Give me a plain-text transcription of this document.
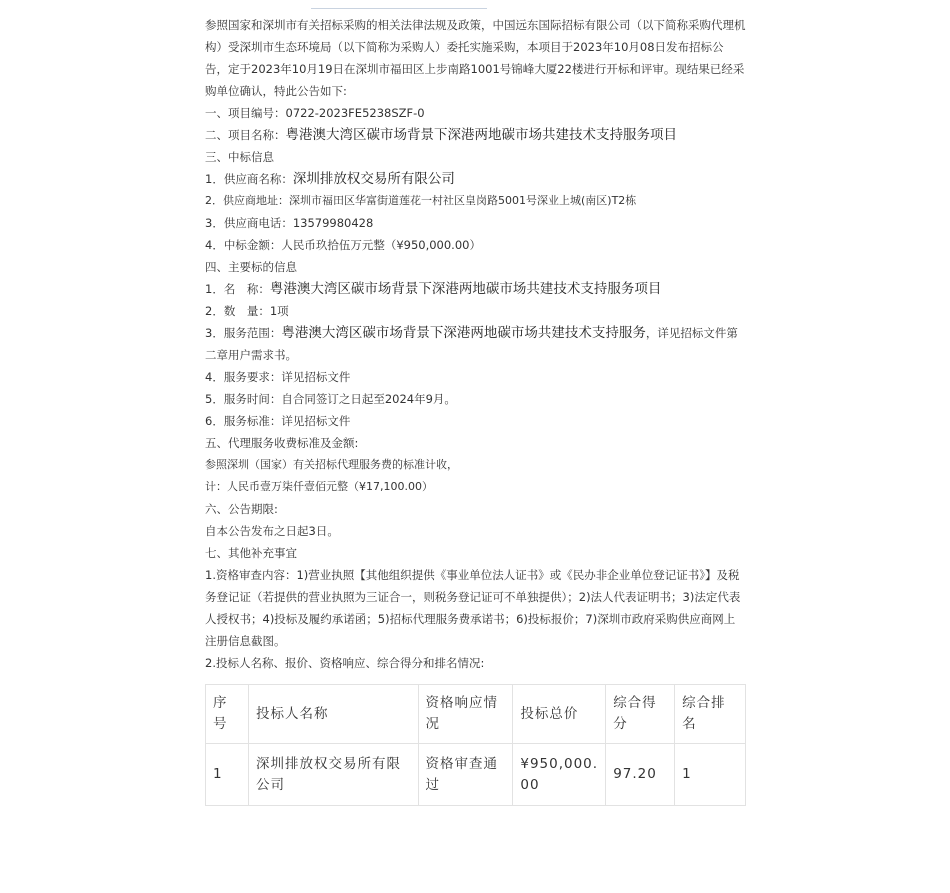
参照国家和深圳市有关招标采购的相关法律法规及政策，中国远东国际招标有限公司（以下简称采购代理机构）受深圳市生态环境局（以下简称为采购人）委托实施采购，本项目于2023年10月08日发布招标公告，定于2023年10月19日在深圳市福田区上步南路1001号锦峰大厦22楼进行开标和评审。现结果已经采购单位确认，特此公告如下:

一、项目编号：0722-2023FE5238SZF-0

二、项目名称：粤港澳大湾区碳市场背景下深港两地碳市场共建技术支持服务项目

三、中标信息

1．供应商名称：深圳排放权交易所有限公司

2．供应商地址：深圳市福田区华富街道莲花一村社区皇岗路5001号深业上城(南区)T2栋

3．供应商电话：13579980428

4．中标金额：人民币玖拾伍万元整（¥950,000.00）

四、主要标的信息

1．名　称：粤港澳大湾区碳市场背景下深港两地碳市场共建技术支持服务项目

2．数　量：1项

3．服务范围：粤港澳大湾区碳市场背景下深港两地碳市场共建技术支持服务，详见招标文件第二章用户需求书。

4．服务要求：详见招标文件

5．服务时间：自合同签订之日起至2024年9月。

6．服务标准：详见招标文件

五、代理服务收费标准及金额:

参照深圳（国家）有关招标代理服务费的标准计收，

计：人民币壹万柒仟壹佰元整（¥17,100.00）

六、公告期限:

自本公告发布之日起3日。

七、其他补充事宜

1.资格审查内容：1)营业执照【其他组织提供《事业单位法人证书》或《民办非企业单位登记证书》】及税务登记证（若提供的营业执照为三证合一，则税务登记证可不单独提供）；2)法人代表证明书；3)法定代表人授权书；4)投标及履约承诺函；5)招标代理服务费承诺书；6)投标报价；7)深圳市政府采购供应商网上注册信息截图。

2.投标人名称、报价、资格响应、综合得分和排名情况:

序号	投标人名称	资格响应情况	投标总价	综合得分	综合排名
1	深圳排放权交易所有限公司	资格审查通过	¥950,000.00	97.20	1
